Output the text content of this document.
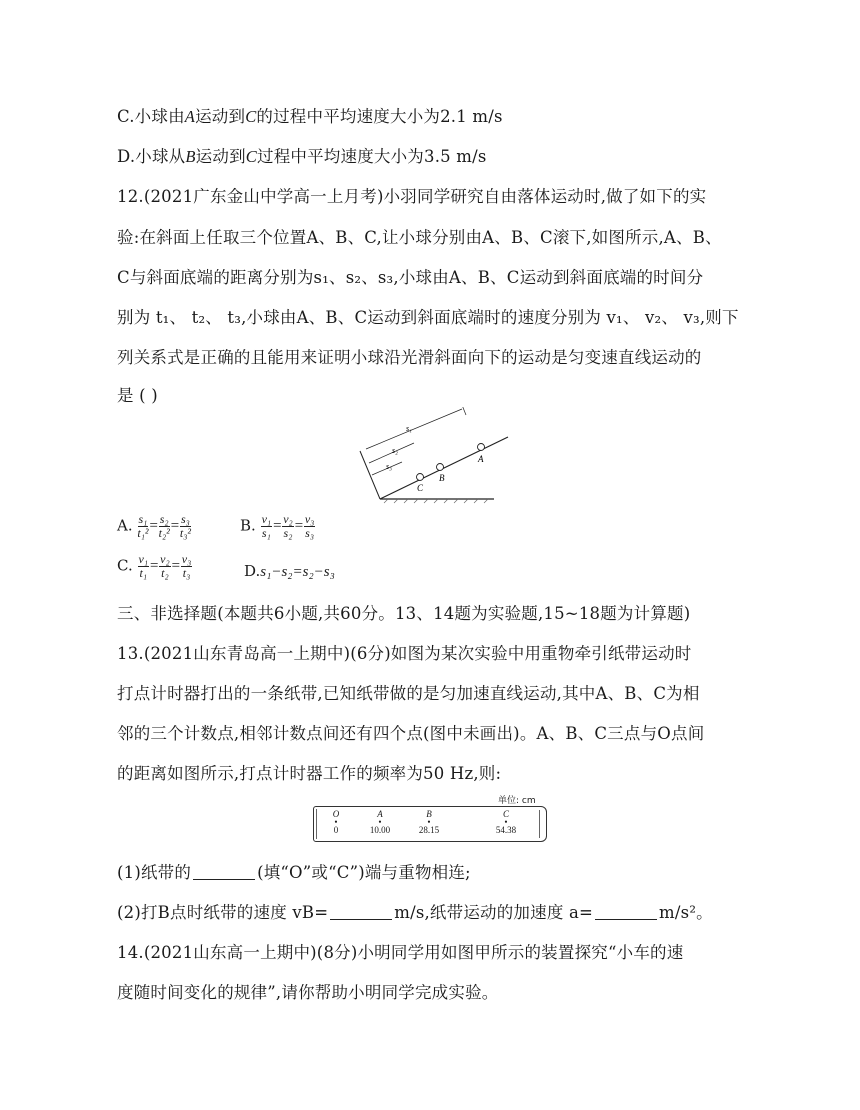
C.小球由A运动到C的过程中平均速度大小为2.1 m/s
D.小球从B运动到C过程中平均速度大小为3.5 m/s
12.(2021广东金山中学高一上月考)小羽同学研究自由落体运动时,做了如下的实
验:在斜面上任取三个位置A、B、C,让小球分别由A、B、C滚下,如图所示,A、B、
C与斜面底端的距离分别为s₁、s₂、s₃,小球由A、B、C运动到斜面底端的时间分
别为 t₁、 t₂、 t₃,小球由A、B、C运动到斜面底端时的速度分别为 v₁、 v₂、 v₃,则下
列关系式是正确的且能用来证明小球沿光滑斜面向下的运动是匀变速直线运动的
是 ( )
s₁
s₂
s₃
A
B
C
A. $\frac{\text{s₁}}{\text{t₁²}} = \frac{\text{s₂}}{\text{t₂²}} = \frac{\text{s₃}}{\text{t₃²}}$	B. $\frac{\text{v₁}}{\text{s₁}} = \frac{\text{v₂}}{\text{s₂}} = \frac{\text{v₃}}{\text{s₃}}$
C. $\frac{\text{v₁}}{\text{t₁}} = \frac{\text{v₂}}{\text{t₂}} = \frac{\text{v₃}}{\text{t₃}}$	D.s₁−s₂=s₂−s₃
三、非选择题(本题共6小题,共60分。13、14题为实验题,15~18题为计算题)
13.(2021山东青岛高一上期中)(6分)如图为某次实验中用重物牵引纸带运动时
打点计时器打出的一条纸带,已知纸带做的是匀加速直线运动,其中A、B、C为相
邻的三个计数点,相邻计数点间还有四个点(图中未画出)。A、B、C三点与O点间
的距离如图所示,打点计时器工作的频率为50 Hz,则:
单位: cm
O
•
0
A
•
10.00
B
•
28.15
C
•
54.38
(1)纸带的	(填“O”或“C”)端与重物相连;
(2)打B点时纸带的速度 vB=	m/s,纸带运动的加速度 a=	m/s²。
14.(2021山东高一上期中)(8分)小明同学用如图甲所示的装置探究“小车的速
度随时间变化的规律”,请你帮助小明同学完成实验。
